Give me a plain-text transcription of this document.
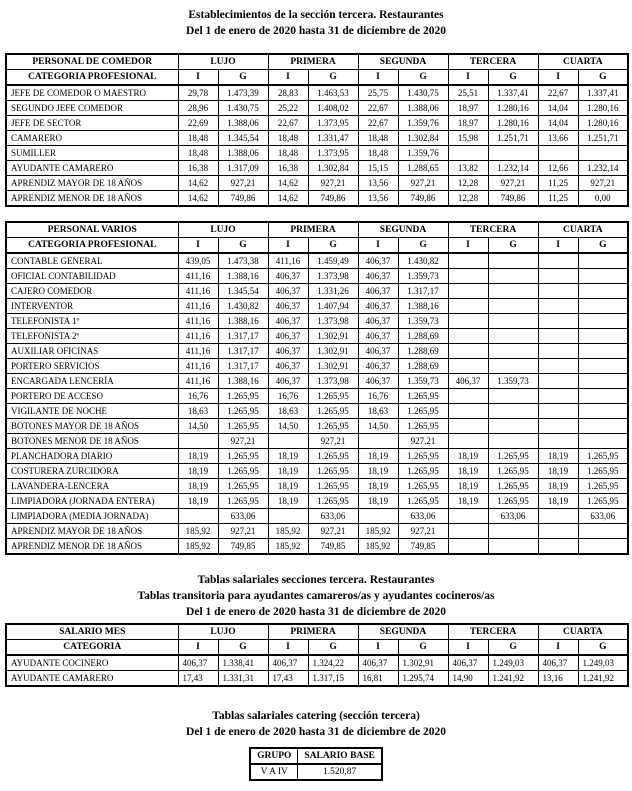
Establecimientos de la sección tercera. Restaurantes
Del 1 de enero de 2020 hasta 31 de diciembre de 2020
PERSONAL DE COMEDOR	LUJO		PRIMERA		SEGUNDA		TERCERA		CUARTA	
CATEGORIA PROFESIONAL	I	G	I	G	I	G	I	G	I	G
JEFE DE COMEDOR O MAESTRO	29,78	1.473,39	28,83	1.463,53	25,75	1.430,75	25,51	1.337,41	22,67	1.337,41
SEGUNDO JEFE COMEDOR	28,96	1.430,75	25,22	1.408,02	22,67	1.388,06	18,97	1.280,16	14,04	1.280,16
JEFE DE SECTOR	22,69	1.388,06	22,67	1.373,95	22,67	1.359,76	18,97	1.280,16	14,04	1.280,16
CAMARERO	18,48	1.345,54	18,48	1.331,47	18,48	1.302,84	15,98	1.251,71	13,66	1.251,71
SUMILLER	18,48	1.388,06	18,48	1.373,95	18,48	1.359,76				
AYUDANTE CAMARERO	16,38	1.317,09	16,38	1.302,84	15,15	1.288,65	13,82	1.232,14	12,66	1.232,14
APRENDIZ MAYOR DE 18 AÑOS	14,62	927,21	14,62	927,21	13,56	927,21	12,28	927,21	11,25	927,21
APRENDIZ MENOR DE 18 AÑOS	14,62	749,86	14,62	749,86	13,56	749,86	12,28	749,86	11,25	0,00
PERSONAL VARIOS	LUJO		PRIMERA		SEGUNDA		TERCERA		CUARTA	
CATEGORIA PROFESIONAL	I	G	I	G	I	G	I	G	I	G
CONTABLE GENERAL	439,05	1.473,38	411,16	1.459,49	406,37	1.430,82				
OFICIAL CONTABILIDAD	411,16	1.388,16	406,37	1.373,98	406,37	1.359,73				
CAJERO COMEDOR	411,16	1.345,54	406,37	1.331,26	406,37	1.317,17				
INTERVENTOR	411,16	1.430,82	406,37	1.407,94	406,37	1.388,16				
TELEFONISTA 1º	411,16	1.388,16	406,37	1.373,98	406,37	1.359,73				
TELEFONISTA 2º	411,16	1.317,17	406,37	1.302,91	406,37	1.288,69				
AUXILIAR OFICINAS	411,16	1.317,17	406,37	1.302,91	406,37	1.288,69				
PORTERO SERVICIOS	411,16	1.317,17	406,37	1.302,91	406,37	1.288,69				
ENCARGADA LENCERÍA	411,16	1.388,16	406,37	1.373,98	406,37	1.359,73	406,37	1.359,73		
PORTERO DE ACCESO	16,76	1.265,95	16,76	1.265,95	16,76	1.265,95				
VIGILANTE DE NOCHE	18,63	1.265,95	18,63	1.265,95	18,63	1.265,95				
BOTONES MAYOR DE 18 AÑOS	14,50	1.265,95	14,50	1.265,95	14,50	1.265,95				
BOTONES MENOR DE 18 AÑOS		927,21		927,21		927,21				
PLANCHADORA DIARIO	18,19	1.265,95	18,19	1.265,95	18,19	1.265,95	18,19	1.265,95	18,19	1.265,95
COSTURERA ZURCIDORA	18,19	1.265,95	18,19	1.265,95	18,19	1.265,95	18,19	1.265,95	18,19	1.265,95
LAVANDERA-LENCERA	18,19	1.265,95	18,19	1.265,95	18,19	1.265,95	18,19	1.265,95	18,19	1.265,95
LIMPIADORA (JORNADA ENTERA)	18,19	1.265,95	18,19	1.265,95	18,19	1.265,95	18,19	1.265,95	18,19	1.265,95
LIMPIADORA (MEDIA JORNADA)		633,06		633,06		633,06		633,06		633,06
APRENDIZ MAYOR DE 18 AÑOS	185,92	927,21	185,92	927,21	185,92	927,21				
APRENDIZ MENOR DE 18 AÑOS	185,92	749,85	185,92	749,85	185,92	749,85				
Tablas salariales secciones tercera. Restaurantes
Tablas transitoria para ayudantes camareros/as y ayudantes cocineros/as
Del 1 de enero de 2020 hasta 31 de diciembre de 2020
SALARIO MES	LUJO		PRIMERA		SEGUNDA		TERCERA		CUARTA	
CATEGORIA	I	G	I	G	I	G	I	G	I	G
AYUDANTE COCINERO	406,37	1.338,41	406,37	1.324,22	406,37	1.302,91	406,37	1.249,03	406,37	1.249,03
AYUDANTE CAMARERO	17,43	1.331,31	17,43	1.317,15	16,81	1.295,74	14,90	1.241,92	13,16	1.241,92
Tablas salariales catering (sección tercera)
Del 1 de enero de 2020 hasta 31 de diciembre de 2020
GRUPO	SALARIO BASE
V A IV	1.520,87
